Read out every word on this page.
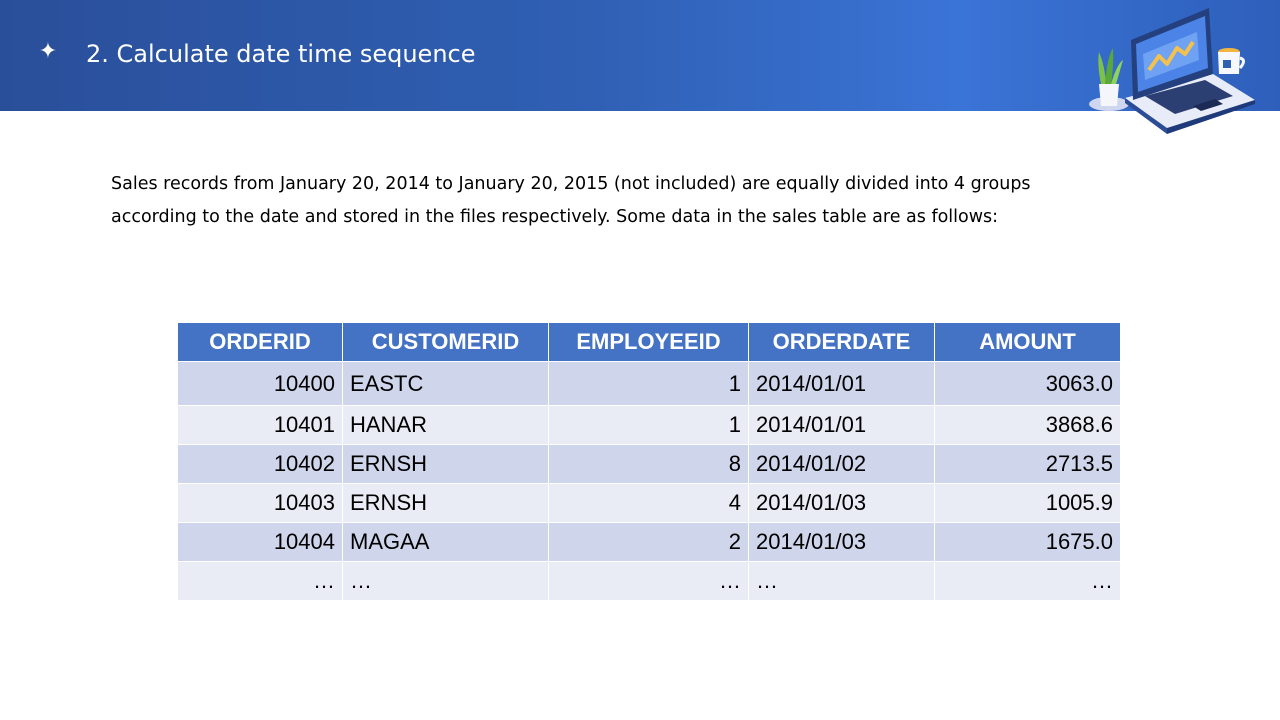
✦ 2. Calculate date time sequence

Sales records from January 20, 2014 to January 20, 2015 (not included) are equally divided into 4 groups

according to the date and stored in the files respectively. Some data in the sales table are as follows:

ORDERID	CUSTOMERID	EMPLOYEEID	ORDERDATE	AMOUNT
10400	EASTC	1	2014/01/01	3063.0
10401	HANAR	1	2014/01/01	3868.6
10402	ERNSH	8	2014/01/02	2713.5
10403	ERNSH	4	2014/01/03	1005.9
10404	MAGAA	2	2014/01/03	1675.0
…	…	…	…	…
